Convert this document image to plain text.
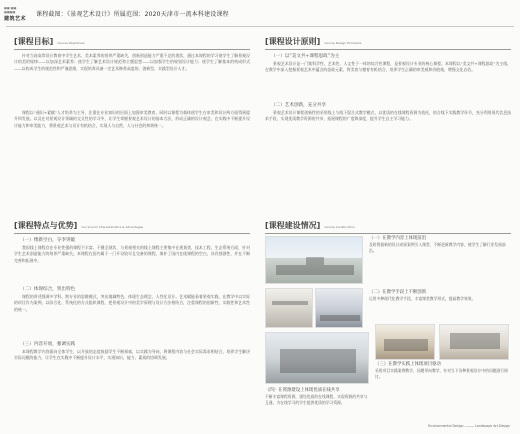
▦▦ ▦▦
▦▦▦▦
建筑艺术
· · · ·
课程截图：《景观艺术设计》所属范围：2020天津市一流本科建设课程
[课程目标] Course Objectives
针对当前高等设计教育中学生艺术、美术素养的培养严重缺失，创新创造能力严重不足的现状，通过本课程的学习使学生了解景观设计的美的规律——以加深艺术素养；使学生了解艺术设计规范和主题思想——以加强学生的规划设计能力；使学生了解基本的构成形式——以构成学生的规范性和严谨思维，实现培养具备一定艺术修养高度的、创新型、实践型设计人才。
课程以“通识+素赋”人才培养为主导，注重在专业知识的层面上加强审美教育，同时以课程为载体使学生在审美和设计两方面得到提升和发展。以及在对景观设计领域的交叉性的学习中，让学生掌握景观艺术设计的基本方法，形成正确的设计观念，在实践中不断提升设计能力和审美能力，将景观艺术与设计有机结合，实现人与自然、人与社会的和谐统一。
[课程特点与优势] Curriculum Characteristics & Advantages
（一）缕新空白，夺李突破
我国线上课程存在专业性强的课程不丰富、不健全现状，与景观相关的线上课程主要集中在规划类、技术工程、生态系统方面，针对学生艺术创造能力的培养严重缺失。本课程在国内属于一门开设较早且完备的课程，填补了国内在线课程的空白，具有独创性，并在不断完善和拓展中。
（二）体现综合，突出特色
课程的讲述强调多学科、跨专业的思维模式，突出地域特色，体现生态理念，人性化设计。艺术赋能看着景观实践，在教学中以实际的项目作为案例，以综合化、系统化的方式组织课程，把景观设计中的美学原理与设计方法相结合，注重课程的创新性、实践性和艺术性的统一。
（三）内容开放，强调实践
本课程教学内容面向全体学生，以开放的态度鼓励学生不断探索，以实践为导向，将课程内容与社会实际需求相结合，培养学生解决实际问题的能力，让学生在实践中不断提升设计水平，实现知识、能力、素质的协调发展。
[课程设计原则] Course Design Principles
（一）以“美文共+课程思政”为主
景观艺术设计是一门集科学性、艺术性、人文性于一体的综合性课程，是景观设计专业的核心课程。本课程以“美文共+课程思政”为主线，在教学中深入挖掘景观艺术中蕴含的思政元素，将美育与德育有机结合，培养学生正确的审美观和价值观，增强文化自信。
（二）艺术创新，充分共享
景观艺术设计课程创新性的采用线上与线下混合式教学模式，以优质的在线课程资源为依托，结合线下实践教学环节，充分利用现代信息技术手段，实现优质教学资源的共享，拓展课程的广度和深度，提升学生自主学习能力。
[课程建设情况] Course Construction
（一）在教学内容上体现前沿
及时将最新的设计成果案例引入课堂，不断更新教学内容，使学生了解行业发展前沿。
（二）在教学手段上不断创新
运用多种现代化教学手段，丰富课堂教学形式，提高教学效果。
（三）在教学实践上体现项目驱动
采用项目实践案例教学，问题导向教学，针对当下各种景观设计中的问题进行探讨。
（四）在资源建设上体现优质在线共享
不断丰富课程资源，建设优质的在线课程，实现资源的共享与互通，为在线学习的学生提供优质的学习资源。
Environmental Design ——— Landscape Art Design
